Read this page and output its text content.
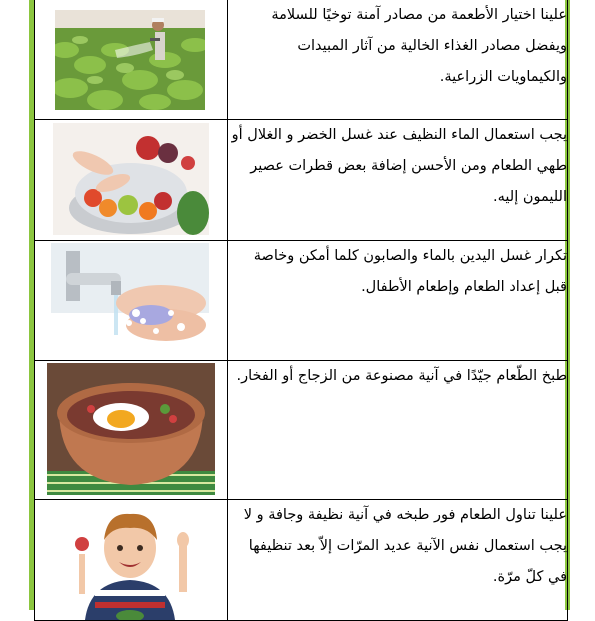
	علينا اختيار الأطعمة من مصادر آمنة توخيًا للسلامة ويفضل مصادر الغذاء الخالية من آثار المبيدات والكيماويات الزراعية.

	يجب استعمال الماء النظيف عند غسل الخضر و الغلال أو طهي الطعام ومن الأحسن إضافة بعض قطرات عصير الليمون إليه.

	تكرار غسل اليدين بالماء والصابون كلما أمكن وخاصة قبل إعداد الطعام وإطعام الأطفال.

	طبخ الطّعام جيّدًا في آنية مصنوعة من الزجاج أو الفخار.

	علينا تناول الطعام فور طبخه في آنية نظيفة وجافة و لا يجب استعمال نفس الآنية عديد المرّات إلاّ بعد تنظيفها في كلّ مرّة.
